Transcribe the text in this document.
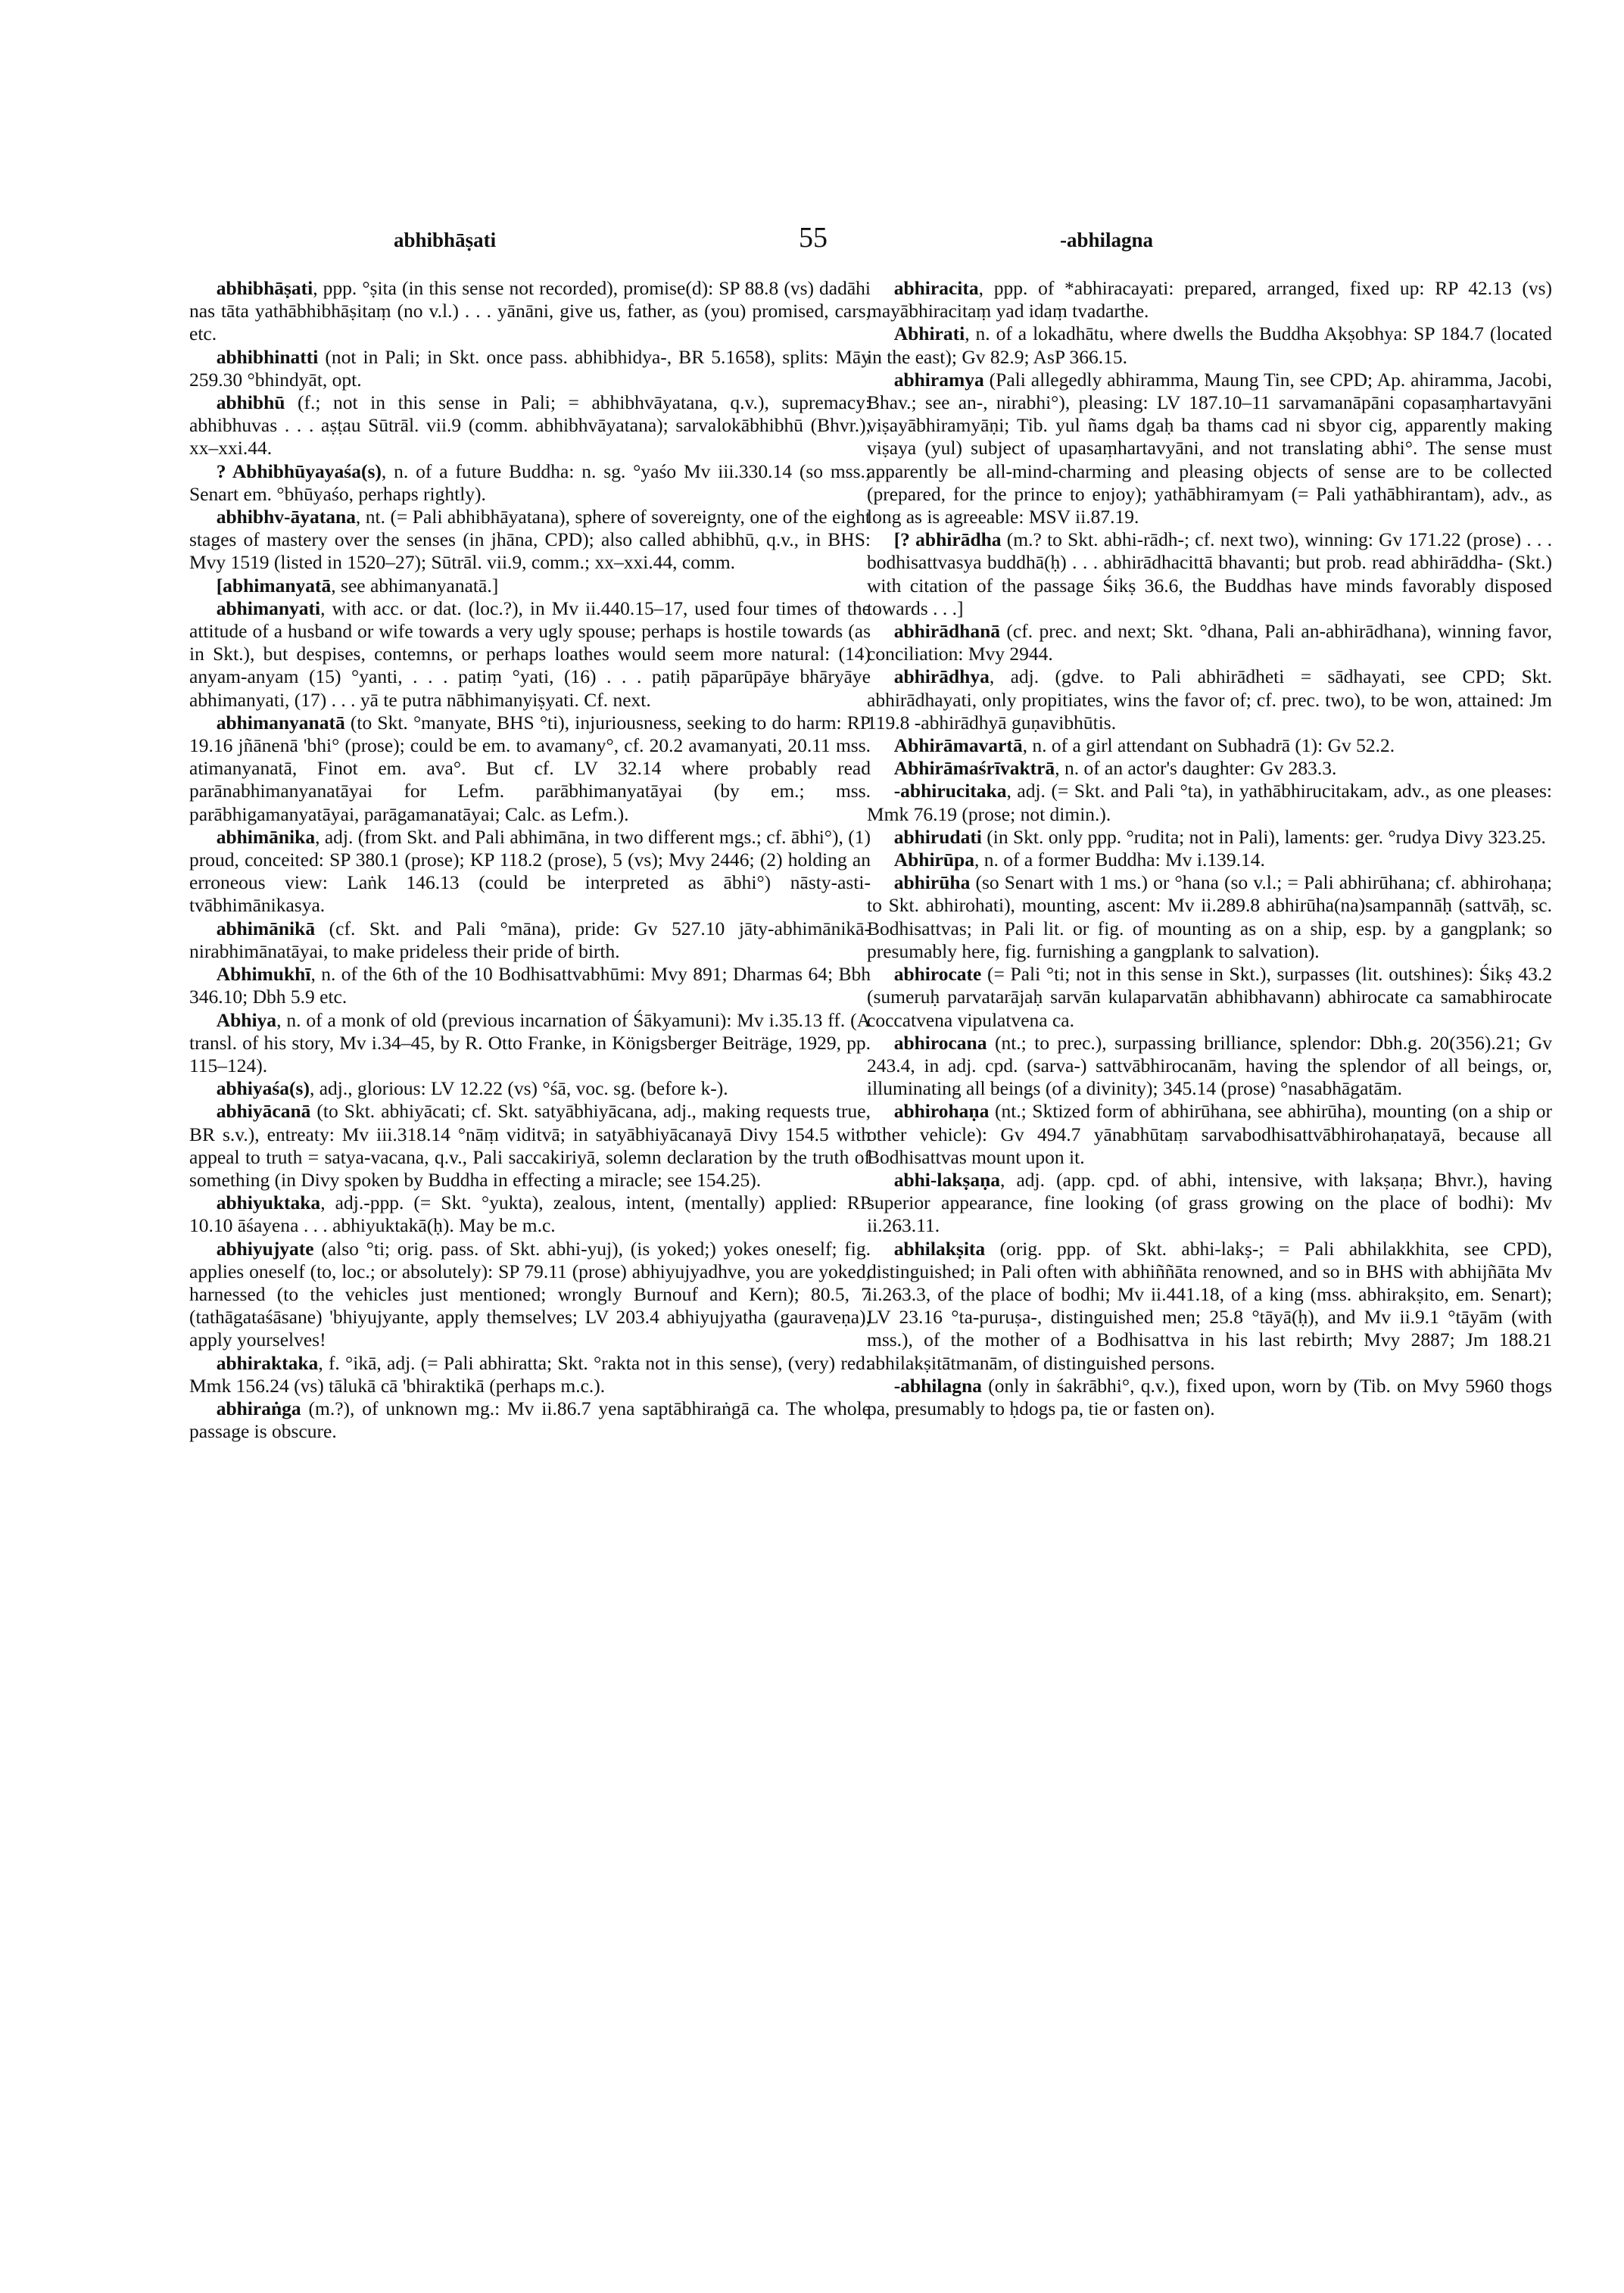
abhibhāṣati	55	-abhilagna

abhibhāṣati, ppp. °ṣita (in this sense not recorded), promise(d): SP 88.8 (vs) dadāhi nas tāta yathābhibhāṣitaṃ (no v.l.) . . . yānāni, give us, father, as (you) promised, cars, etc.

abhibhinatti (not in Pali; in Skt. once pass. abhibhidya-, BR 5.1658), splits: Māy 259.30 °bhindyāt, opt.

abhibhū (f.; not in this sense in Pali; = abhibhvāyatana, q.v.), supremacy: abhibhuvas . . . aṣṭau Sūtrāl. vii.9 (comm. abhibhvāyatana); sarvalokābhibhū (Bhvr.), xx–xxi.44.

? Abhibhūyayaśa(s), n. of a future Buddha: n. sg. °yaśo Mv iii.330.14 (so mss.; Senart em. °bhūyaśo, perhaps rightly).

abhibhv-āyatana, nt. (= Pali abhibhāyatana), sphere of sovereignty, one of the eight stages of mastery over the senses (in jhāna, CPD); also called abhibhū, q.v., in BHS: Mvy 1519 (listed in 1520–27); Sūtrāl. vii.9, comm.; xx–xxi.44, comm.

[abhimanyatā, see abhimanyanatā.]

abhimanyati, with acc. or dat. (loc.?), in Mv ii.440.15–17, used four times of the attitude of a husband or wife towards a very ugly spouse; perhaps is hostile towards (as in Skt.), but despises, contemns, or perhaps loathes would seem more natural: (14) anyam-anyam (15) °yanti, . . . patiṃ °yati, (16) . . . patiḥ pāparūpāye bhāryāye abhimanyati, (17) . . . yā te putra nābhimanyiṣyati. Cf. next.

abhimanyanatā (to Skt. °manyate, BHS °ti), injuriousness, seeking to do harm: RP 19.16 jñānenā 'bhi° (prose); could be em. to avamany°, cf. 20.2 avamanyati, 20.11 mss. atimanyanatā, Finot em. ava°. But cf. LV 32.14 where probably read parānabhimanyanatāyai for Lefm. parābhimanyatāyai (by em.; mss. parābhigamanyatāyai, parāgamanatāyai; Calc. as Lefm.).

abhimānika, adj. (from Skt. and Pali abhimāna, in two different mgs.; cf. ābhi°), (1) proud, conceited: SP 380.1 (prose); KP 118.2 (prose), 5 (vs); Mvy 2446; (2) holding an erroneous view: Laṅk 146.13 (could be interpreted as ābhi°) nāsty-asti-tvābhimānikasya.

abhimānikā (cf. Skt. and Pali °māna), pride: Gv 527.10 jāty-abhimānikā-nirabhimānatāyai, to make prideless their pride of birth.

Abhimukhī, n. of the 6th of the 10 Bodhisattvabhūmi: Mvy 891; Dharmas 64; Bbh 346.10; Dbh 5.9 etc.

Abhiya, n. of a monk of old (previous incarnation of Śākyamuni): Mv i.35.13 ff. (A transl. of his story, Mv i.34–45, by R. Otto Franke, in Königsberger Beiträge, 1929, pp. 115–124).

abhiyaśa(s), adj., glorious: LV 12.22 (vs) °śā, voc. sg. (before k-).

abhiyācanā (to Skt. abhiyācati; cf. Skt. satyābhiyācana, adj., making requests true, BR s.v.), entreaty: Mv iii.318.14 °nāṃ viditvā; in satyābhiyācanayā Divy 154.5 with appeal to truth = satya-vacana, q.v., Pali saccakiriyā, solemn declaration by the truth of something (in Divy spoken by Buddha in effecting a miracle; see 154.25).

abhiyuktaka, adj.-ppp. (= Skt. °yukta), zealous, intent, (mentally) applied: RP 10.10 āśayena . . . abhiyuktakā(ḥ). May be m.c.

abhiyujyate (also °ti; orig. pass. of Skt. abhi-yuj), (is yoked;) yokes oneself; fig. applies oneself (to, loc.; or absolutely): SP 79.11 (prose) abhiyujyadhve, you are yoked, harnessed (to the vehicles just mentioned; wrongly Burnouf and Kern); 80.5, 7 (tathāgataśāsane) 'bhiyujyante, apply themselves; LV 203.4 abhiyujyatha (gauraveṇa), apply yourselves!

abhiraktaka, f. °ikā, adj. (= Pali abhiratta; Skt. °rakta not in this sense), (very) red: Mmk 156.24 (vs) tālukā cā 'bhiraktikā (perhaps m.c.).

abhiraṅga (m.?), of unknown mg.: Mv ii.86.7 yena saptābhiraṅgā ca. The whole passage is obscure.

abhiracita, ppp. of *abhiracayati: prepared, arranged, fixed up: RP 42.13 (vs) mayābhiracitaṃ yad idaṃ tvadarthe.

Abhirati, n. of a lokadhātu, where dwells the Buddha Akṣobhya: SP 184.7 (located in the east); Gv 82.9; AsP 366.15.

abhiramya (Pali allegedly abhiramma, Maung Tin, see CPD; Ap. ahiramma, Jacobi, Bhav.; see an-, nirabhi°), pleasing: LV 187.10–11 sarvamanāpāni copasaṃhartavyāni viṣayābhiramyāṇi; Tib. yul ñams dgaḥ ba thams cad ni sbyor cig, apparently making viṣaya (yul) subject of upasaṃhartavyāni, and not translating abhi°. The sense must apparently be all-mind-charming and pleasing objects of sense are to be collected (prepared, for the prince to enjoy); yathābhiramyam (= Pali yathābhirantam), adv., as long as is agreeable: MSV ii.87.19.

[? abhirādha (m.? to Skt. abhi-rādh-; cf. next two), winning: Gv 171.22 (prose) . . . bodhisattvasya buddhā(ḥ) . . . abhirādhacittā bhavanti; but prob. read abhirāddha- (Skt.) with citation of the passage Śikṣ 36.6, the Buddhas have minds favorably disposed towards . . .]

abhirādhanā (cf. prec. and next; Skt. °dhana, Pali an-abhirādhana), winning favor, conciliation: Mvy 2944.

abhirādhya, adj. (gdve. to Pali abhirādheti = sādhayati, see CPD; Skt. abhirādhayati, only propitiates, wins the favor of; cf. prec. two), to be won, attained: Jm 119.8 -abhirādhyā guṇavibhūtis.

Abhirāmavartā, n. of a girl attendant on Subhadrā (1): Gv 52.2.

Abhirāmaśrīvaktrā, n. of an actor's daughter: Gv 283.3.

-abhirucitaka, adj. (= Skt. and Pali °ta), in yathābhirucitakam, adv., as one pleases: Mmk 76.19 (prose; not dimin.).

abhirudati (in Skt. only ppp. °rudita; not in Pali), laments: ger. °rudya Divy 323.25.

Abhirūpa, n. of a former Buddha: Mv i.139.14.

abhirūha (so Senart with 1 ms.) or °hana (so v.l.; = Pali abhirūhana; cf. abhirohaṇa; to Skt. abhirohati), mounting, ascent: Mv ii.289.8 abhirūha(na)sampannāḥ (sattvāḥ, sc. Bodhisattvas; in Pali lit. or fig. of mounting as on a ship, esp. by a gangplank; so presumably here, fig. furnishing a gangplank to salvation).

abhirocate (= Pali °ti; not in this sense in Skt.), surpasses (lit. outshines): Śikṣ 43.2 (sumeruḥ parvatarājaḥ sarvān kulaparvatān abhibhavann) abhirocate ca samabhirocate coccatvena vipulatvena ca.

abhirocana (nt.; to prec.), surpassing brilliance, splendor: Dbh.g. 20(356).21; Gv 243.4, in adj. cpd. (sarva-) sattvābhirocanām, having the splendor of all beings, or, illuminating all beings (of a divinity); 345.14 (prose) °nasabhāgatām.

abhirohaṇa (nt.; Sktized form of abhirūhana, see abhirūha), mounting (on a ship or other vehicle): Gv 494.7 yānabhūtaṃ sarvabodhisattvābhirohaṇatayā, because all Bodhisattvas mount upon it.

abhi-lakṣaṇa, adj. (app. cpd. of abhi, intensive, with lakṣaṇa; Bhvr.), having superior appearance, fine looking (of grass growing on the place of bodhi): Mv ii.263.11.

abhilakṣita (orig. ppp. of Skt. abhi-lakṣ-; = Pali abhilakkhita, see CPD), distinguished; in Pali often with abhiññāta renowned, and so in BHS with abhijñāta Mv ii.263.3, of the place of bodhi; Mv ii.441.18, of a king (mss. abhirakṣito, em. Senart); LV 23.16 °ta-puruṣa-, distinguished men; 25.8 °tāyā(ḥ), and Mv ii.9.1 °tāyām (with mss.), of the mother of a Bodhisattva in his last rebirth; Mvy 2887; Jm 188.21 abhilakṣitātmanām, of distinguished persons.

-abhilagna (only in śakrābhi°, q.v.), fixed upon, worn by (Tib. on Mvy 5960 thogs pa, presumably to ḥdogs pa, tie or fasten on).
